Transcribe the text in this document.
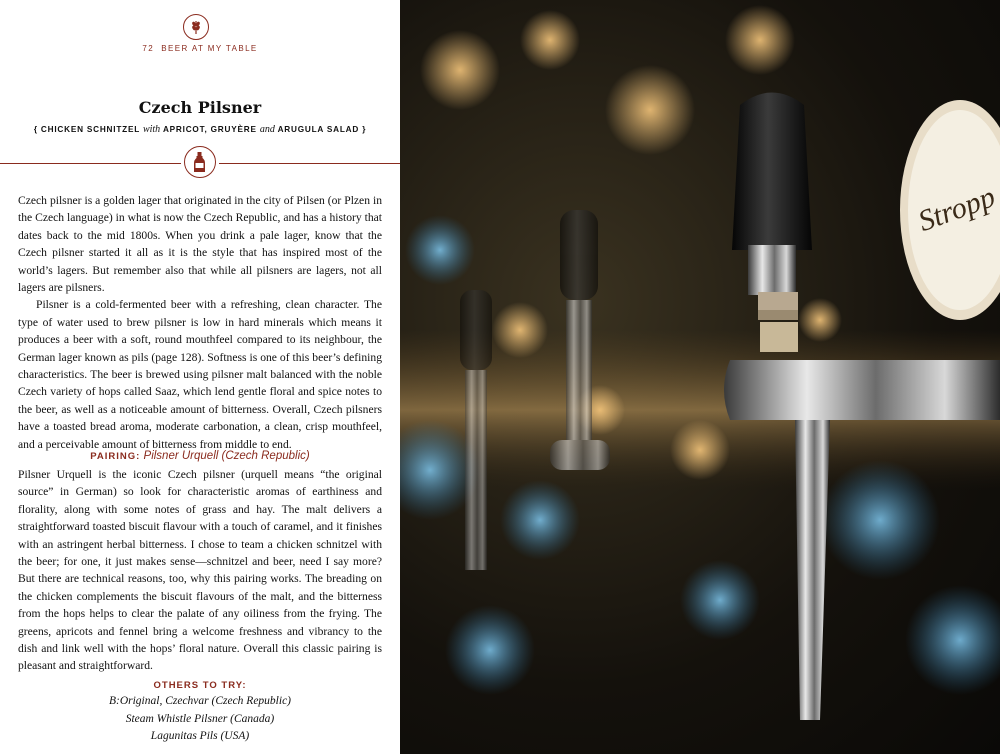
72 BEER AT MY TABLE
Czech Pilsner
{ CHICKEN SCHNITZEL with APRICOT, GRUYÈRE and ARUGULA SALAD }

Czech pilsner is a golden lager that originated in the city of Pilsen (or Plzen in the Czech language) in what is now the Czech Republic, and has a history that dates back to the mid 1800s. When you drink a pale lager, know that the Czech pilsner started it all as it is the style that has inspired most of the world’s lagers. But remember also that while all pilsners are lagers, not all lagers are pilsners.

Pilsner is a cold-fermented beer with a refreshing, clean character. The type of water used to brew pilsner is low in hard minerals which means it produces a beer with a soft, round mouthfeel compared to its neighbour, the German lager known as pils (page 128). Softness is one of this beer’s defining characteristics. The beer is brewed using pilsner malt balanced with the noble Czech variety of hops called Saaz, which lend gentle floral and spice notes to the beer, as well as a noticeable amount of bitterness. Overall, Czech pilsners have a toasted bread aroma, moderate carbonation, a clean, crisp mouthfeel, and a perceivable amount of bitterness from middle to end.

PAIRING: Pilsner Urquell (Czech Republic)
Pilsner Urquell is the iconic Czech pilsner (urquell means “the original source” in German) so look for characteristic aromas of earthiness and florality, along with some notes of grass and hay. The malt delivers a straightforward toasted biscuit flavour with a touch of caramel, and it finishes with an astringent herbal bitterness. I chose to team a chicken schnitzel with the beer; for one, it just makes sense—schnitzel and beer, need I say more? But there are technical reasons, too, why this pairing works. The breading on the chicken complements the biscuit flavours of the malt, and the bitterness from the hops helps to clear the palate of any oiliness from the frying. The greens, apricots and fennel bring a welcome freshness and vibrancy to the dish and link well with the hops’ floral nature. Overall this classic pairing is pleasant and straightforward.
OTHERS TO TRY:
B:Original, Czechvar (Czech Republic)
Steam Whistle Pilsner (Canada)
Lagunitas Pils (USA)
Stropp
